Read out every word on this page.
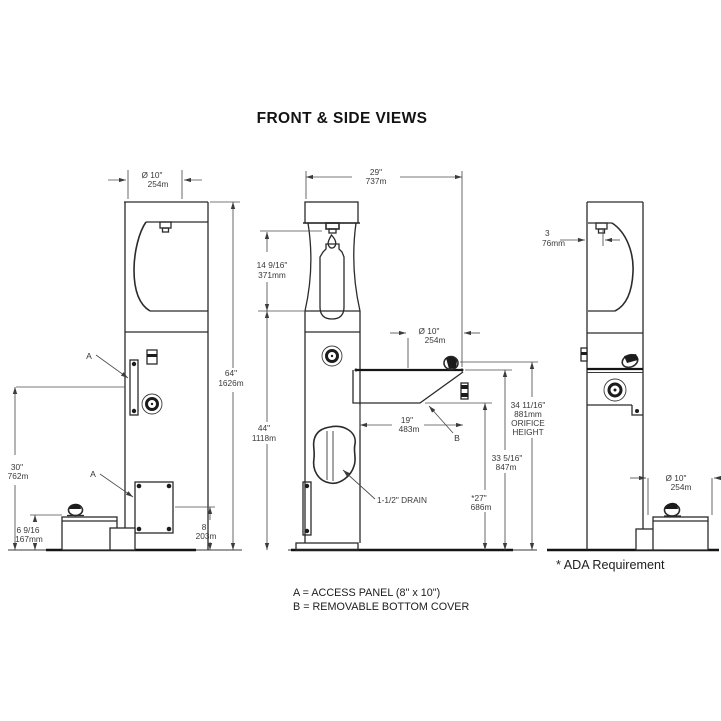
FRONT & SIDE VIEWS
Ø 10"
254m
64"
1626m
30"
762m
6 9/16
167mm
8
203m
29"
737m
14 9/16"
371mm
44"
1118m
Ø 10"
254m
19"
483m
*27"
686m
33 5/16"
847m
34 11/16"
881mm
ORIFICE
HEIGHT
3
76mm
Ø 10"
254m
A
A
B
1-1/2" DRAIN
* ADA Requirement
A = ACCESS PANEL (8" x 10")
B = REMOVABLE BOTTOM COVER
